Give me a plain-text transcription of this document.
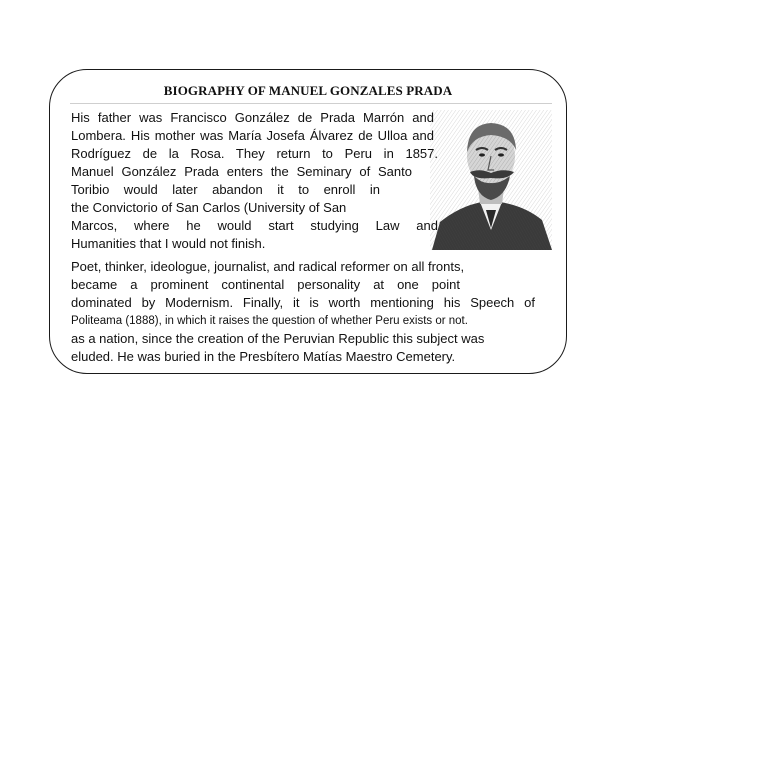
BIOGRAPHY OF MANUEL GONZALES PRADA
His father was Francisco González de Prada Marrón and
Lombera. His mother was María Josefa Álvarez de Ulloa and
Rodríguez de la Rosa. They return to Peru in 1857.
Manuel González Prada enters the Seminary of Santo
Toribio would later abandon it to enroll in
the Convictorio of San Carlos (University of San
Marcos, where he would start studying Law and
Humanities that I would not finish.
Poet, thinker, ideologue, journalist, and radical reformer on all fronts,
became a prominent continental personality at one point
dominated by Modernism. Finally, it is worth mentioning his Speech of
Politeama (1888), in which it raises the question of whether Peru exists or not.
as a nation, since the creation of the Peruvian Republic this subject was
eluded. He was buried in the Presbítero Matías Maestro Cemetery.
